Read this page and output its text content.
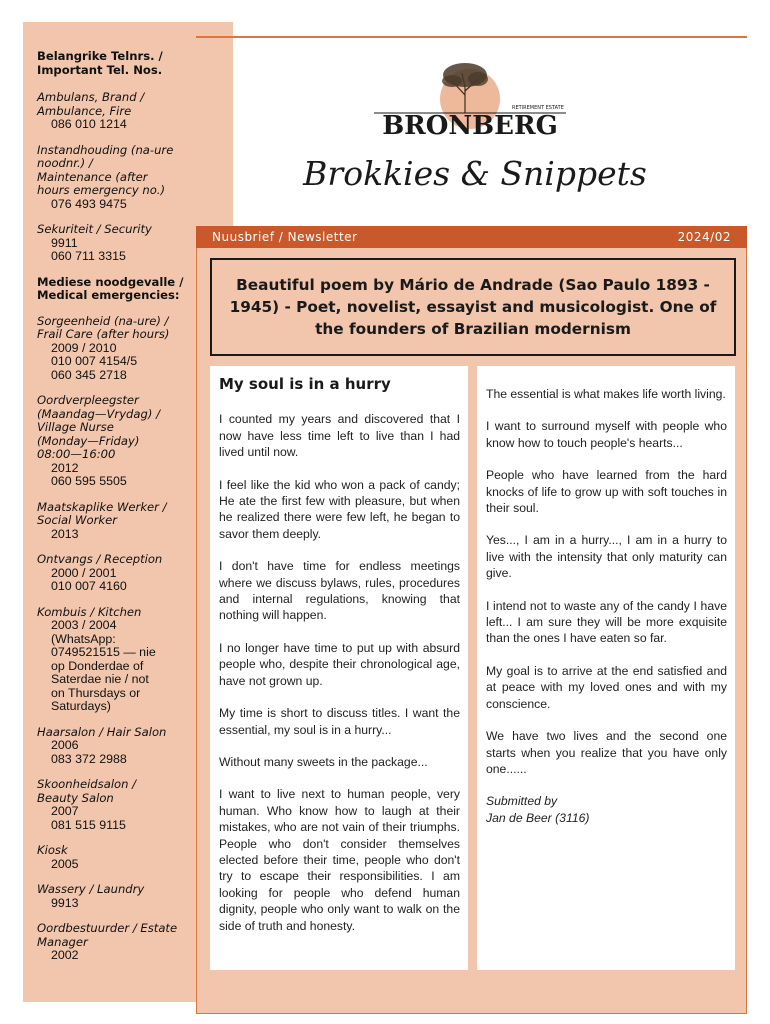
Belangrike Telnrs. / Important Tel. Nos.
Ambulans, Brand /
Ambulance, Fire
086 010 1214
Instandhouding (na-ure
noodnr.) /
Maintenance (after
hours emergency no.)
076 493 9475
Sekuriteit / Security
9911
060 711 3315
Mediese noodgevalle / Medical emergencies:
Sorgeenheid (na-ure) /
Frail Care (after hours)
2009 / 2010
010 007 4154/5
060 345 2718
Oordverpleegster
(Maandag—Vrydag) /
Village Nurse
(Monday—Friday)
08:00—16:00
2012
060 595 5505
Maatskaplike Werker /
Social Worker
2013
Ontvangs / Reception
2000 / 2001
010 007 4160
Kombuis / Kitchen
2003 / 2004
(WhatsApp:
0749521515 — nie
op Donderdae of
Saterdae nie / not
on Thursdays or
Saturdays)
Haarsalon / Hair Salon
2006
083 372 2988
Skoonheidsalon /
Beauty Salon
2007
081 515 9115
Kiosk
2005
Wassery / Laundry
9913
Oordbestuurder / Estate
Manager
2002
BRONBERG
RETIREMENT ESTATE
Brokkies & Snippets
Nuusbrief / Newsletter	2024/02
Beautiful poem by Mário de Andrade (Sao Paulo 1893 - 1945) - Poet, novelist, essayist and musicologist. One of the founders of Brazilian modernism
My soul is in a hurry

I counted my years and discovered that I now have less time left to live than I had lived until now.

I feel like the kid who won a pack of candy; He ate the first few with pleasure, but when he realized there were few left, he began to savor them deeply.

I don't have time for endless meetings where we discuss bylaws, rules, procedures and internal regulations, knowing that nothing will happen.

I no longer have time to put up with absurd people who, despite their chronological age, have not grown up.

My time is short to discuss titles. I want the essential, my soul is in a hurry...

Without many sweets in the package...

I want to live next to human people, very human. Who know how to laugh at their mistakes, who are not vain of their triumphs. People who don't consider themselves elected before their time, people who don't try to escape their responsibilities. I am looking for people who defend human dignity, people who only want to walk on the side of truth and honesty.

The essential is what makes life worth living.

I want to surround myself with people who know how to touch people's hearts...

People who have learned from the hard knocks of life to grow up with soft touches in their soul.

Yes..., I am in a hurry..., I am in a hurry to live with the intensity that only maturity can give.

I intend not to waste any of the candy I have left... I am sure they will be more exquisite than the ones I have eaten so far.

My goal is to arrive at the end satisfied and at peace with my loved ones and with my conscience.

We have two lives and the second one starts when you realize that you have only one......

Submitted by
Jan de Beer (3116)
